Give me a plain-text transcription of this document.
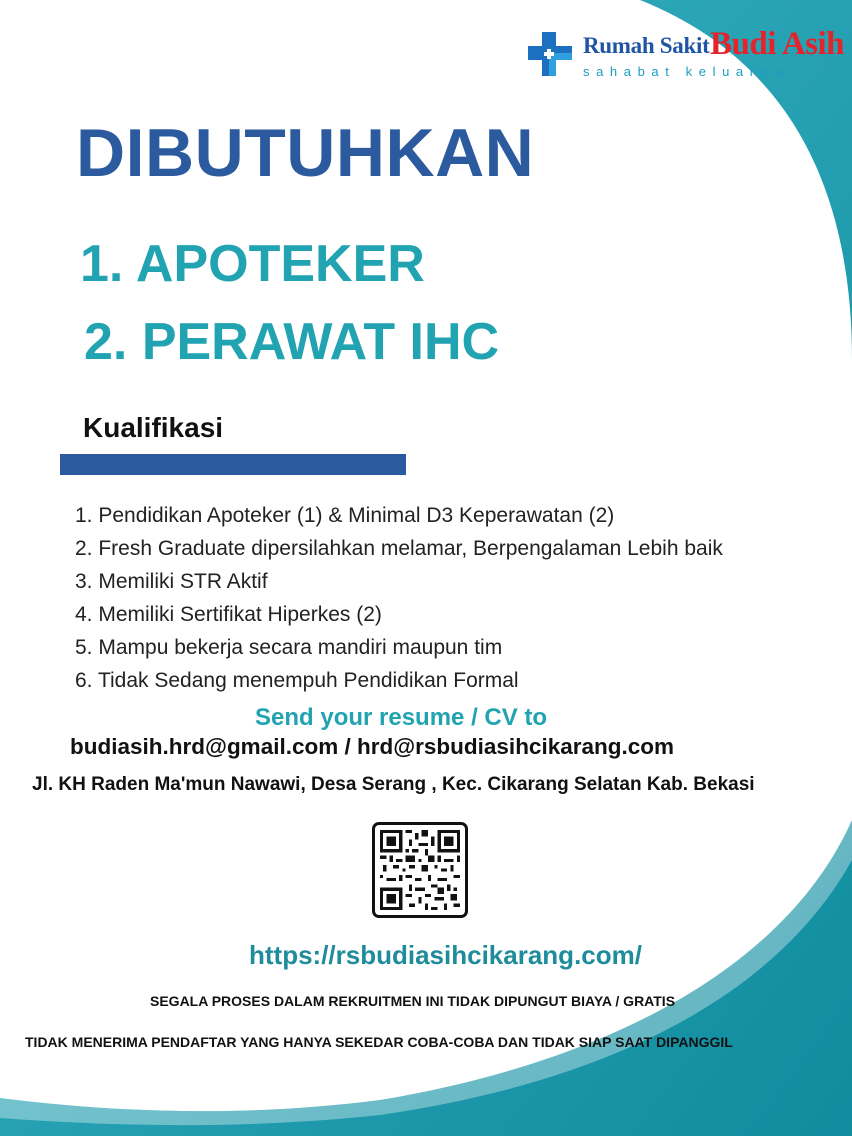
Rumah Sakit Budi Asih
sahabat keluarga
DIBUTUHKAN
1. APOTEKER
2. PERAWAT IHC
Kualifikasi
1. Pendidikan Apoteker (1) & Minimal D3 Keperawatan (2)
2. Fresh Graduate dipersilahkan melamar, Berpengalaman Lebih baik
3. Memiliki STR Aktif
4. Memiliki Sertifikat Hiperkes (2)
5. Mampu bekerja secara mandiri maupun tim
6. Tidak Sedang menempuh Pendidikan Formal
Send your resume / CV to
budiasih.hrd@gmail.com / hrd@rsbudiasihcikarang.com
Jl. KH Raden Ma'mun Nawawi, Desa Serang , Kec. Cikarang Selatan Kab. Bekasi
https://rsbudiasihcikarang.com/
SEGALA PROSES DALAM REKRUITMEN INI TIDAK DIPUNGUT BIAYA / GRATIS
TIDAK MENERIMA PENDAFTAR YANG HANYA SEKEDAR COBA-COBA DAN TIDAK SIAP SAAT DIPANGGIL
